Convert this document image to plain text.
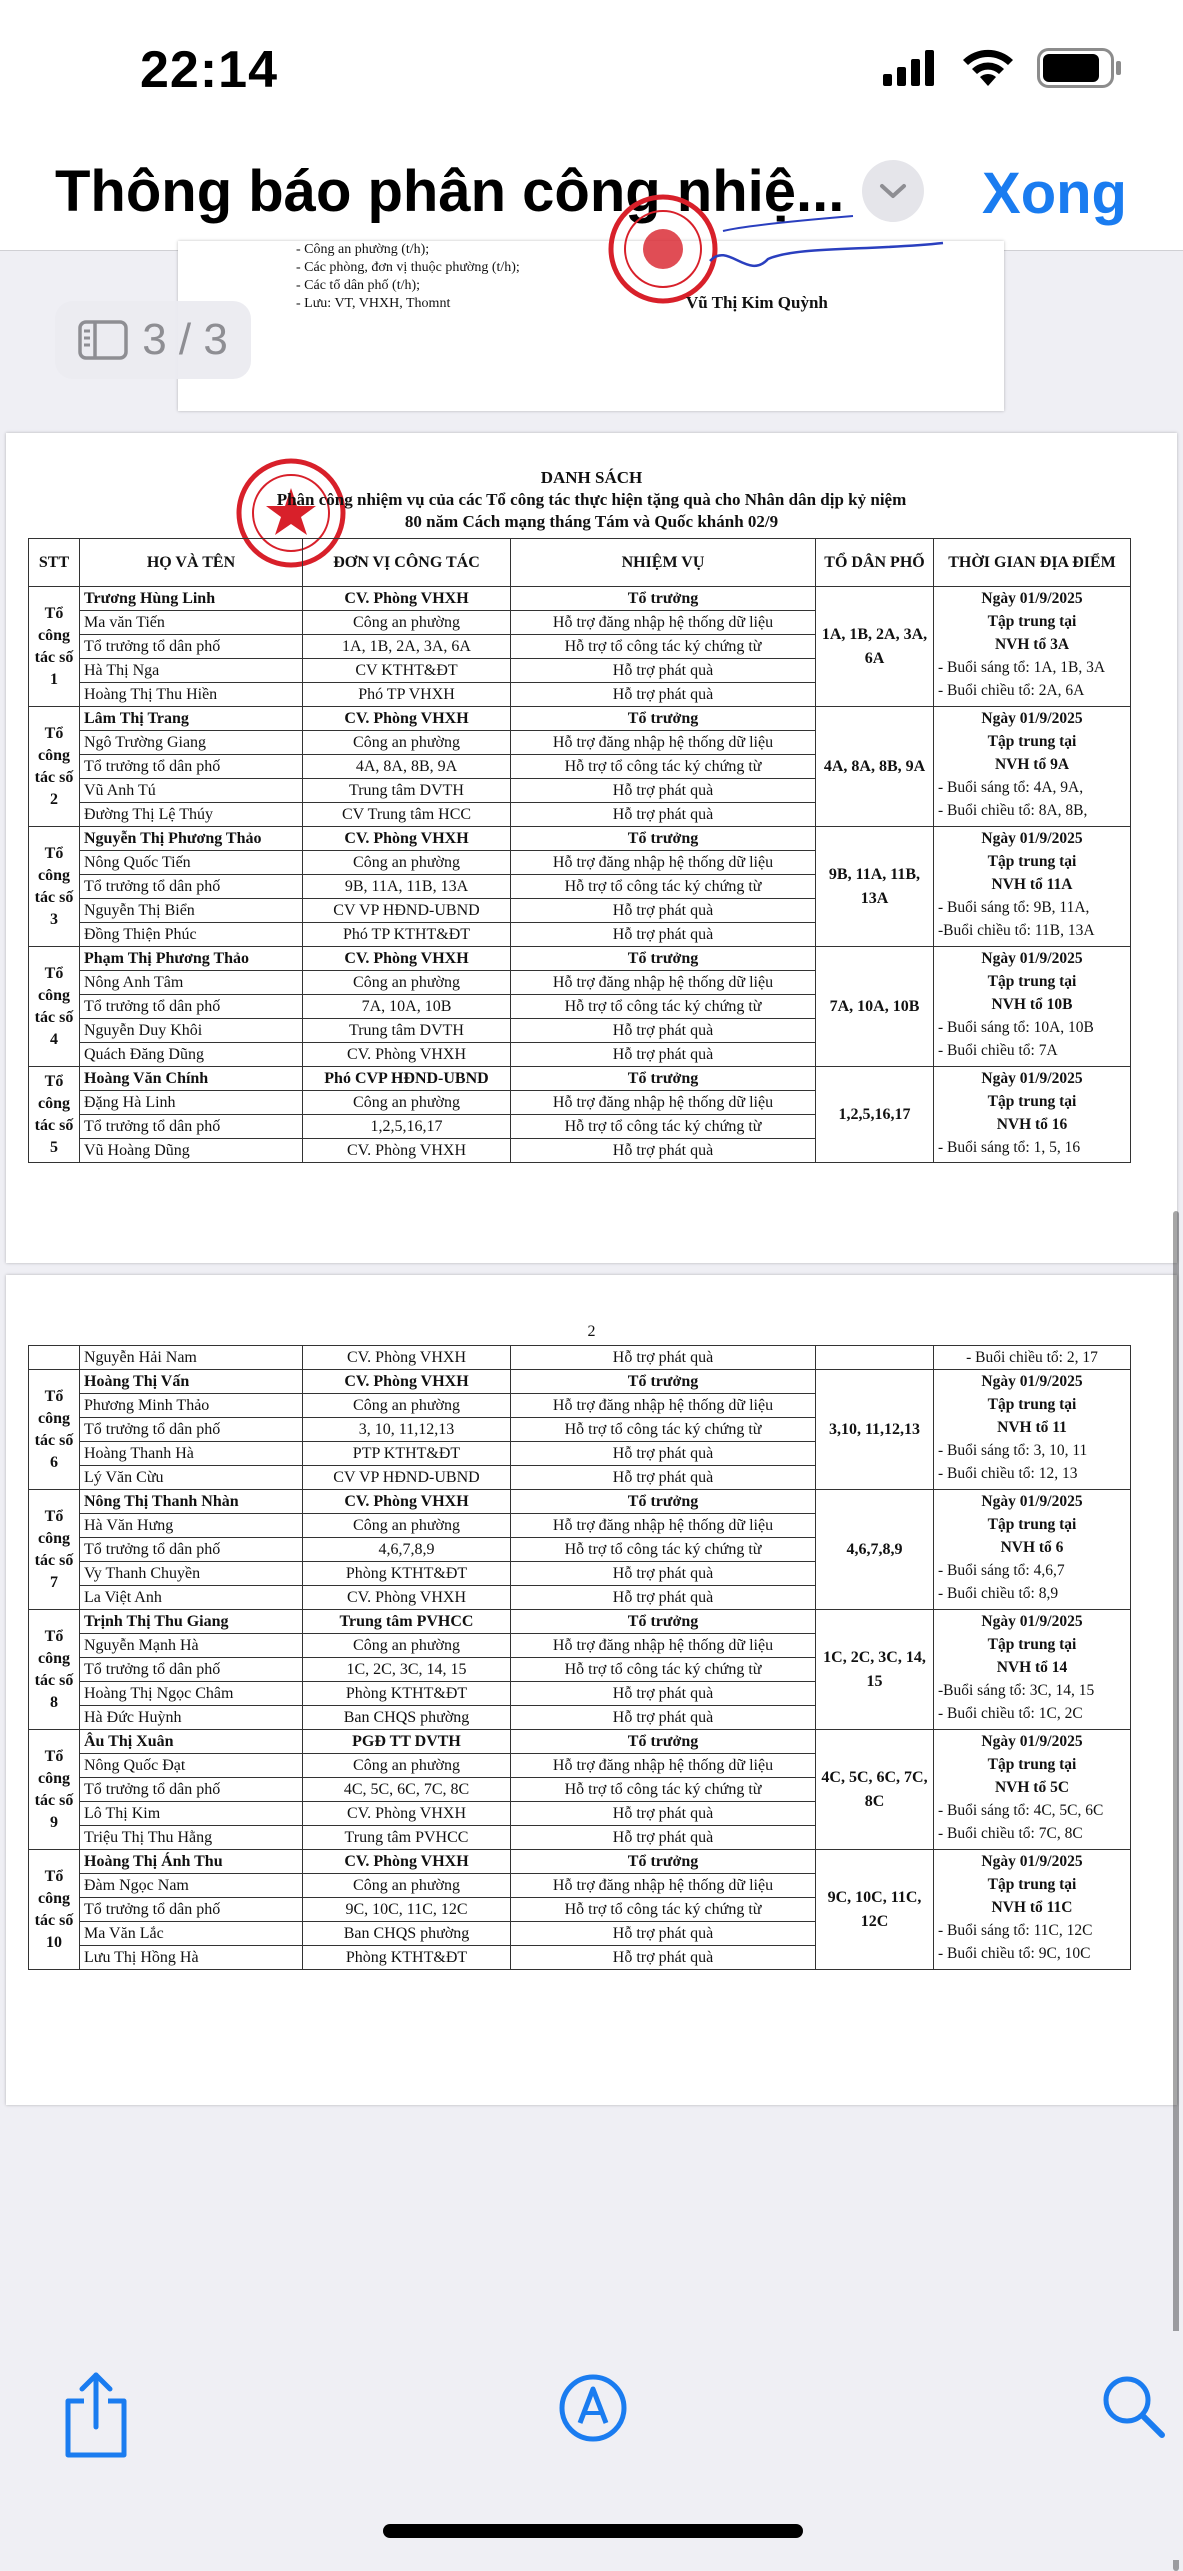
22:14
Thông báo phân công nhiệ... Xong
- Công an phường (t/h);
- Các phòng, đơn vị thuộc phường (t/h);
- Các tổ dân phố (t/h);
- Lưu: VT, VHXH, Thomnt	Vũ Thị Kim Quỳnh
3 / 3
DANH SÁCH
Phân công nhiệm vụ của các Tổ công tác thực hiện tặng quà cho Nhân dân dịp kỷ niệm
80 năm Cách mạng tháng Tám và Quốc khánh 02/9
STT	HỌ VÀ TÊN	ĐƠN VỊ CÔNG TÁC	NHIỆM VỤ	TỔ DÂN PHỐ	THỜI GIAN ĐỊA ĐIỂM
Tổ công tác số 1	Trương Hùng Linh	CV. Phòng VHXH	Tổ trưởng	1A, 1B, 2A, 3A, 6A	Ngày 01/9/2025
Tập trung tại
NVH tổ 3A
- Buổi sáng tổ: 1A, 1B, 3A
- Buổi chiều tổ: 2A, 6A

	Ma văn Tiến	Công an phường	Hỗ trợ đăng nhập hệ thống dữ liệu		
	Tổ trưởng tổ dân phố	1A, 1B, 2A, 3A, 6A	Hỗ trợ tổ công tác ký chứng từ		
	Hà Thị Nga	CV KTHT&ĐT	Hỗ trợ phát quà		
	Hoàng Thị Thu Hiền	Phó TP VHXH	Hỗ trợ phát quà		
Tổ công tác số 2	Lâm Thị Trang	CV. Phòng VHXH	Tổ trưởng	4A, 8A, 8B, 9A	Ngày 01/9/2025
Tập trung tại
NVH tổ 9A
- Buổi sáng tổ: 4A, 9A,
- Buổi chiều tổ: 8A, 8B,

	Ngô Trường Giang	Công an phường	Hỗ trợ đăng nhập hệ thống dữ liệu		
	Tổ trưởng tổ dân phố	4A, 8A, 8B, 9A	Hỗ trợ tổ công tác ký chứng từ		
	Vũ Anh Tú	Trung tâm DVTH	Hỗ trợ phát quà		
	Đường Thị Lệ Thúy	CV Trung tâm HCC	Hỗ trợ phát quà		
Tổ công tác số 3	Nguyễn Thị Phương Thảo	CV. Phòng VHXH	Tổ trưởng	9B, 11A, 11B, 13A	Ngày 01/9/2025
Tập trung tại
NVH tổ 11A
- Buổi sáng tổ: 9B, 11A,
-Buổi chiều tổ: 11B, 13A

	Nông Quốc Tiến	Công an phường	Hỗ trợ đăng nhập hệ thống dữ liệu		
	Tổ trưởng tổ dân phố	9B, 11A, 11B, 13A	Hỗ trợ tổ công tác ký chứng từ		
	Nguyễn Thị Biển	CV VP HĐND-UBND	Hỗ trợ phát quà		
	Đồng Thiện Phúc	Phó TP KTHT&ĐT	Hỗ trợ phát quà		
Tổ công tác số 4	Phạm Thị Phương Thảo	CV. Phòng VHXH	Tổ trưởng	7A, 10A, 10B	Ngày 01/9/2025
Tập trung tại
NVH tổ 10B
- Buổi sáng tổ: 10A, 10B
- Buổi chiều tổ: 7A

	Nông Anh Tâm	Công an phường	Hỗ trợ đăng nhập hệ thống dữ liệu		
	Tổ trưởng tổ dân phố	7A, 10A, 10B	Hỗ trợ tổ công tác ký chứng từ		
	Nguyễn Duy Khôi	Trung tâm DVTH	Hỗ trợ phát quà		
	Quách Đăng Dũng	CV. Phòng VHXH	Hỗ trợ phát quà		
Tổ công tác số 5	Hoàng Văn Chính	Phó CVP HĐND-UBND	Tổ trưởng	1,2,5,16,17	Ngày 01/9/2025
Tập trung tại
NVH tổ 16
- Buổi sáng tổ: 1, 5, 16

	Đặng Hà Linh	Công an phường	Hỗ trợ đăng nhập hệ thống dữ liệu		
	Tổ trưởng tổ dân phố	1,2,5,16,17	Hỗ trợ tổ công tác ký chứng từ		
	Vũ Hoàng Dũng	CV. Phòng VHXH	Hỗ trợ phát quà		
2
	Nguyễn Hải Nam	CV. Phòng VHXH	Hỗ trợ phát quà		- Buổi chiều tổ: 2, 17
Tổ công tác số 6	Hoàng Thị Vấn	CV. Phòng VHXH	Tổ trưởng	3,10, 11,12,13	Ngày 01/9/2025
Tập trung tại
NVH tổ 11
- Buổi sáng tổ: 3, 10, 11
- Buổi chiều tổ: 12, 13

	Phương Minh Thảo	Công an phường	Hỗ trợ đăng nhập hệ thống dữ liệu		
	Tổ trưởng tổ dân phố	3, 10, 11,12,13	Hỗ trợ tổ công tác ký chứng từ		
	Hoàng Thanh Hà	PTP KTHT&ĐT	Hỗ trợ phát quà		
	Lý Văn Cừu	CV VP HĐND-UBND	Hỗ trợ phát quà		
Tổ công tác số 7	Nông Thị Thanh Nhàn	CV. Phòng VHXH	Tổ trưởng	4,6,7,8,9	Ngày 01/9/2025
Tập trung tại
NVH tổ 6
- Buổi sáng tổ: 4,6,7
- Buổi chiều tổ: 8,9

	Hà Văn Hưng	Công an phường	Hỗ trợ đăng nhập hệ thống dữ liệu		
	Tổ trưởng tổ dân phố	4,6,7,8,9	Hỗ trợ tổ công tác ký chứng từ		
	Vy Thanh Chuyền	Phòng KTHT&ĐT	Hỗ trợ phát quà		
	La Việt Anh	CV. Phòng VHXH	Hỗ trợ phát quà		
Tổ công tác số 8	Trịnh Thị Thu Giang	Trung tâm PVHCC	Tổ trưởng	1C, 2C, 3C, 14, 15	Ngày 01/9/2025
Tập trung tại
NVH tổ 14
-Buổi sáng tổ: 3C, 14, 15
- Buổi chiều tổ: 1C, 2C

	Nguyễn Mạnh Hà	Công an phường	Hỗ trợ đăng nhập hệ thống dữ liệu		
	Tổ trưởng tổ dân phố	1C, 2C, 3C, 14, 15	Hỗ trợ tổ công tác ký chứng từ		
	Hoàng Thị Ngọc Châm	Phòng KTHT&ĐT	Hỗ trợ phát quà		
	Hà Đức Huỳnh	Ban CHQS phường	Hỗ trợ phát quà		
Tổ công tác số 9	Âu Thị Xuân	PGĐ TT DVTH	Tổ trưởng	4C, 5C, 6C, 7C, 8C	Ngày 01/9/2025
Tập trung tại
NVH tổ 5C
- Buổi sáng tổ: 4C, 5C, 6C
- Buổi chiều tổ: 7C, 8C

	Nông Quốc Đạt	Công an phường	Hỗ trợ đăng nhập hệ thống dữ liệu		
	Tổ trưởng tổ dân phố	4C, 5C, 6C, 7C, 8C	Hỗ trợ tổ công tác ký chứng từ		
	Lô Thị Kim	CV. Phòng VHXH	Hỗ trợ phát quà		
	Triệu Thị Thu Hằng	Trung tâm PVHCC	Hỗ trợ phát quà		
Tổ công tác số 10	Hoàng Thị Ánh Thu	CV. Phòng VHXH	Tổ trưởng	9C, 10C, 11C, 12C	Ngày 01/9/2025
Tập trung tại
NVH tổ 11C
- Buổi sáng tổ: 11C, 12C
- Buổi chiều tổ: 9C, 10C

	Đàm Ngọc Nam	Công an phường	Hỗ trợ đăng nhập hệ thống dữ liệu		
	Tổ trưởng tổ dân phố	9C, 10C, 11C, 12C	Hỗ trợ tổ công tác ký chứng từ		
	Ma Văn Lắc	Ban CHQS phường	Hỗ trợ phát quà		
	Lưu Thị Hồng Hà	Phòng KTHT&ĐT	Hỗ trợ phát quà		
